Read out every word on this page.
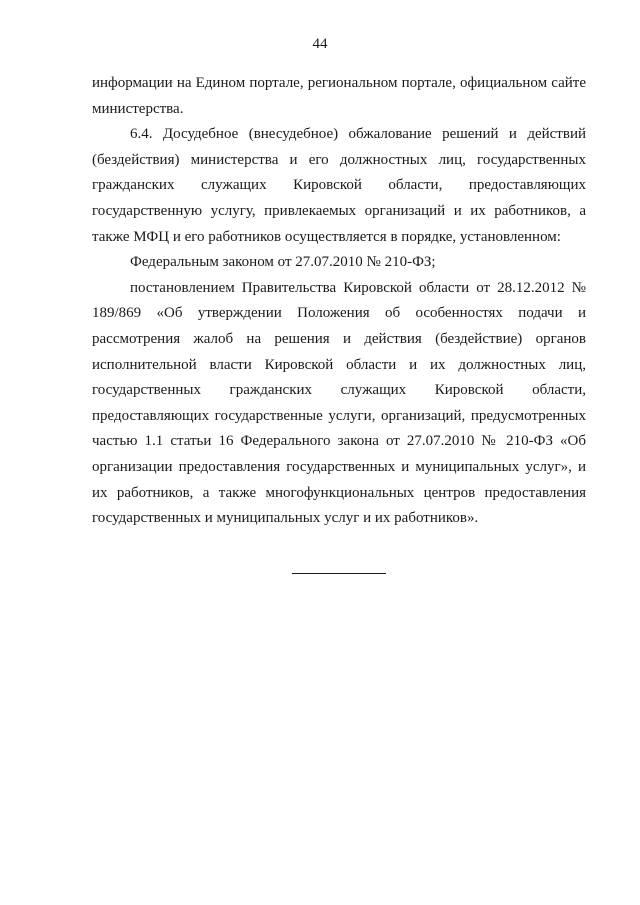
44

информации на Едином портале, региональном портале, официальном сайте министерства.

6.4. Досудебное (внесудебное) обжалование решений и действий (бездействия) министерства и его должностных лиц, государственных гражданских служащих Кировской области, предоставляющих государственную услугу, привлекаемых организаций и их работников, а также МФЦ и его работников осуществляется в порядке, установленном:

Федеральным законом от 27.07.2010 № 210-ФЗ;

постановлением Правительства Кировской области от 28.12.2012 № 189/869 «Об утверждении Положения об особенностях подачи и рассмотрения жалоб на решения и действия (бездействие) органов исполнительной власти Кировской области и их должностных лиц, государственных гражданских служащих Кировской области, предоставляющих государственные услуги, организаций, предусмотренных частью 1.1 статьи 16 Федерального закона от 27.07.2010 № 210-ФЗ «Об организации предоставления государственных и муниципальных услуг», и их работников, а также многофункциональных центров предоставления государственных и муниципальных услуг и их работников».
